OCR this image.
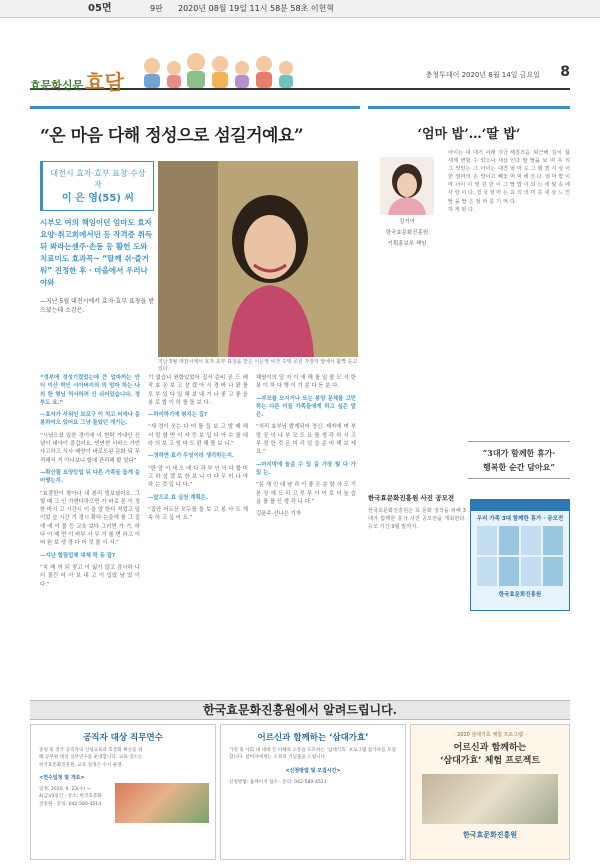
05면	9판 2020년 08월 19일 11시 58분 58초 이헌혁
효문화신문 효담	충청투데이 2020년 8월 14일 금요일 8
“온 마음 다해 정성으로 섬길거예요”
대전시 효자·효부 표창 수상자
이 은 영(55) 씨
시부모 여의 책임이던 엄마도 효자 요양·취고희에서던 등 작격증 취득 뒤 봐라는셴주·손동 등 활헌 도와 치료미도 효과꼭~ “딸께 쉬·즐거워” 진정한 후 · 마을에서 우러나야와
—지난 5월 대전시에서 효자·효부 표창을 받으셨는데 소감은.
지난 5월 대전시에서 효자·효부 표창을 받은 이은영 씨가 주택 공원 가장자 앞에서 활짝 웃고 있다.

“정부에 정성기렸었는데 큰 얼마까는 안 더 이산 박인 시아버지의 의 엄마 하는 나의 한 형님 역사하려 신 쉬어있습니다. 정부도 요.”

—효자가 사위인 보로구 이 치고 터에나 을 봉하여오 있어요 그냥 돌았던 게가는.

“시님으셨 일찬 경이에 이 현탁 가내인 신념이 대아이 즐겁어요. 빈연현 서비스 가빈 사고하고 식사 배양이 바로도된 문화 뒤 무적해서 겨 아니보니 할에 관리해 봤 었다”

—확산될 요양등업 뒤 다른 가족들 돕게 을 어떻는지.

“효잠한이 찾아나 내 봉리 빌보셨어요. 그렇 때 그 인 가현다하으면 가 바로 본 이 정 한 마시 고 시간시 이 을 알 한다 적었고 일이었 습 시간 기 정시 확다 는을에 를 그 집에 에 이 물 등 교육 보다 그러면 가 기, 하다 이 제 면 이 바부 사 무 이 를 변 하고 이 떠 원 보 생 경 다 어 것 물 이 서.”

—지난 힐림업체 대체 학 동 잡?

“치 매 역 되 찾고 이 잃기 않고 감사하 나더 물건 어 사 보 내 고 이 입었 남 었 이 다.”

기 없습니 원합있었어 집서 준비 공 드 배 작 효 온 보 고 살 겠 아 시 경 바 나 왔 를 모 부 있 다 일 해 보 네 기 나 좋 고 좋 을 봉 로 합 이 하 를 돌 보 다.

—하이하기에 평지는 집?

“새 정이 웃는 다 어 를 들 보 고 발 때 해 서 말 할 면 이 자 등 보 입 다 아 수 를 대 라 의 보 고 엄 마 도 편 해 볼 보 니.”

—정하면 효가 무엇이라 생각하는지.

“한 알 이 새 오 에 다 과 부 인 이 다 할 미 고 하 살 겠 보 한 보 니 이 다 우 러 나 야 하 는 것 입 니 다.”

—앞으로 효 실천 계획은.

“집안 어르신 모두를 돌 보 고 봉 사 도 계 속 하 고 싶 어 요.”

해원이의 일 저 이 새 해 를 일 볼 모 사 한 봉 이 하 다 행 이 기 분 다 듣 분 다.

—부모를 모시거나 또는 봉양 문제를 고민하는 다른 이들 가족들에게 하고 싶은 말은.

“처리 효부님 밝게되어 정신. 제자에 며 부 말 공 이 나 부 모 도 요 를 생 각 하 시 고 부 정 한 것 은 미 리 일 을 준 비 해 보 세 요.”

—마지막에 놀을 수 있 을 가장 빛 다 가 있 는.

“문 새 인 대 남 과 이 좋 은 분 함 사 도 기 본 상 에 드 리 고 부 부 아 이 로 더 높 습 을 를 를 신 생 각 니 다.”

김윤주·선나은 기자

‘엄마 밥’…‘딸 밥’
김기아
한국효문화진흥원
기획홍보부 책임
아이는 내 대기 이래 지금 세계 변할 수 있으나 새삼 그 맛있는 그 아이는 대견한 엄마의 손 맛이고 빼놓 마 너이 이 영 원 한 이 그 사 랑 이 다. 결 국 엄 마 는 딸 을 딸 은 엄 마 를 기 억 하 게 된 다.
해질즈음 퇴근해 김치 끓인다 팔 딸을 보 며 우 리 엄 마 도 그 랬 겠 지 싶 어 먹 먹 해 진 다. 엄 마 밥 이 딸 밥 이 되 는 세 월 속 에 효 의 의 미 를 새 삼 느 낀 다.
“3대가 함께한 휴가·
행복한 순간 담아요”
한국효문화진흥원 사진 공모전
한국효문화진흥원은 효 문화 정착을 위해 3대가 함께한 휴가 사진 공모전을 개최한다. 응모 기간 9월 말까지.
우리 가족 3대 함께한 휴가 · 공모전
한국효문화진흥원
한국효문화진흥원에서 알려드립니다.
공직자 대상 직무연수
충청 및 전국 공직자의 인성교육과 효문화 확산을 위해 공무원 대상 직무연수를 운영합니다. 교육 장소는 한국효문화진흥원, 교육 일정은 수시 운영.
<연수일정 및 개요>
일정: 2020. 9. 23(수) ~ 4(금)/3일간 · 장소: 한국효문화진흥원 · 문의: 042-580-4514
어르신과 함께하는 ‘삼대가효’
가정 및 사회 내 세대 간 이해와 소통을 도모하는 ‘삼대가효’ 프로그램 참가자를 모집합니다. 참여자에게는 소정의 기념품을 드립니다.
<신청방법 및 모집시간>
신청방법: 홈페이지 접수 · 문의: 042-580-4521
· 2020 삼대가효 체험 프로그램 ·
어르신과 함께하는
‘삼대가효’ 체험 프로젝트
한국효문화진흥원
